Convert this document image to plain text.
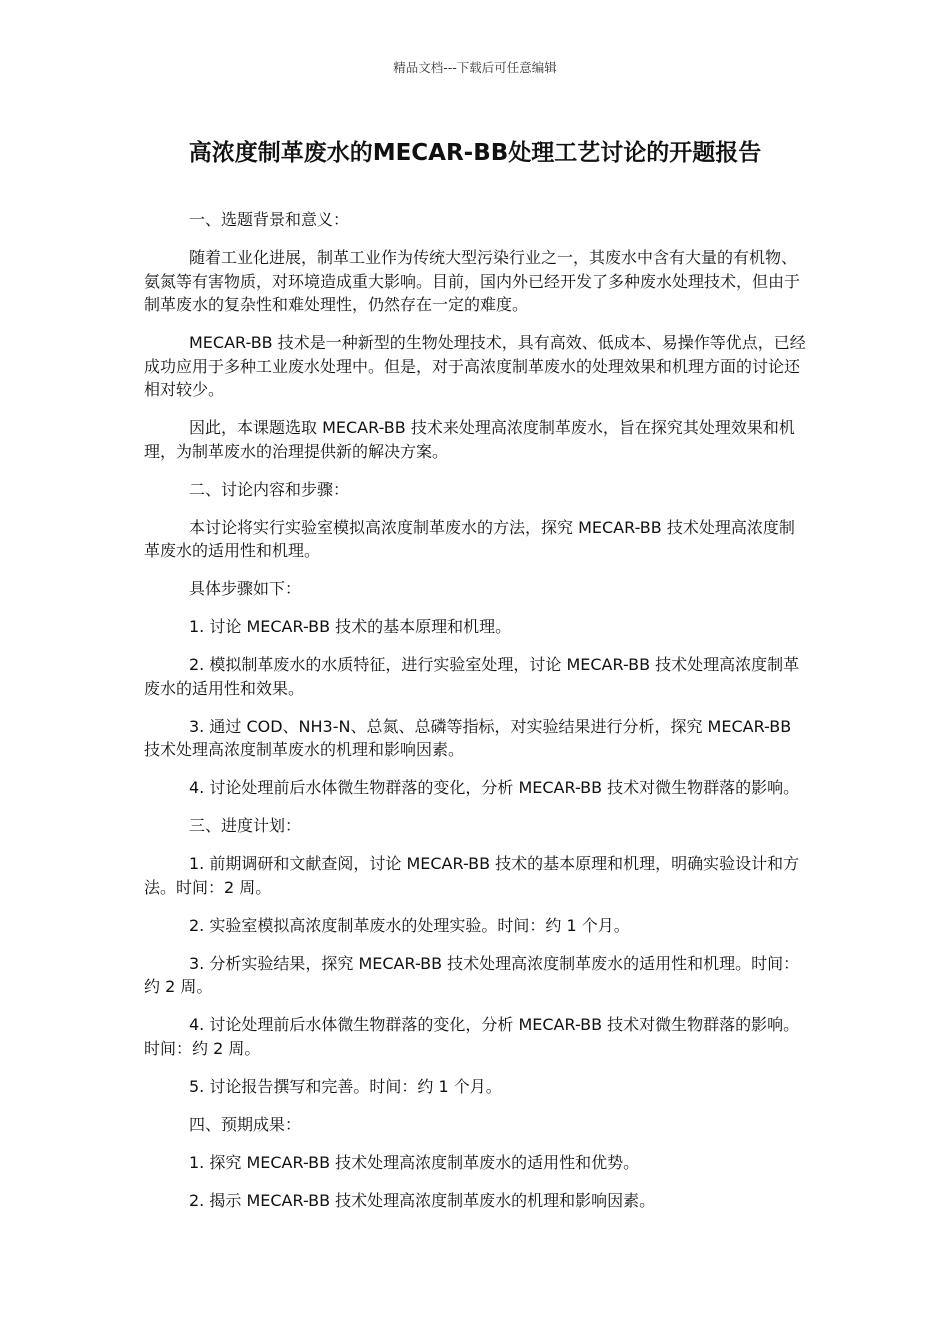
精品文档---下载后可任意编辑
高浓度制革废水的MECAR-BB处理工艺讨论的开题报告

一、选题背景和意义：

随着工业化进展，制革工业作为传统大型污染行业之一，其废水中含有大量的有机物、氨氮等有害物质，对环境造成重大影响。目前，国内外已经开发了多种废水处理技术，但由于制革废水的复杂性和难处理性，仍然存在一定的难度。

MECAR-BB 技术是一种新型的生物处理技术，具有高效、低成本、易操作等优点，已经成功应用于多种工业废水处理中。但是，对于高浓度制革废水的处理效果和机理方面的讨论还相对较少。

因此，本课题选取 MECAR-BB 技术来处理高浓度制革废水，旨在探究其处理效果和机理，为制革废水的治理提供新的解决方案。

二、讨论内容和步骤：

本讨论将实行实验室模拟高浓度制革废水的方法，探究 MECAR-BB 技术处理高浓度制革废水的适用性和机理。

具体步骤如下：

1. 讨论 MECAR-BB 技术的基本原理和机理。

2. 模拟制革废水的水质特征，进行实验室处理，讨论 MECAR-BB 技术处理高浓度制革废水的适用性和效果。

3. 通过 COD、NH3-N、总氮、总磷等指标，对实验结果进行分析，探究 MECAR-BB 技术处理高浓度制革废水的机理和影响因素。

4. 讨论处理前后水体微生物群落的变化，分析 MECAR-BB 技术对微生物群落的影响。

三、进度计划：

1. 前期调研和文献查阅，讨论 MECAR-BB 技术的基本原理和机理，明确实验设计和方法。时间：2 周。

2. 实验室模拟高浓度制革废水的处理实验。时间：约 1 个月。

3. 分析实验结果，探究 MECAR-BB 技术处理高浓度制革废水的适用性和机理。时间：约 2 周。

4. 讨论处理前后水体微生物群落的变化，分析 MECAR-BB 技术对微生物群落的影响。时间：约 2 周。

5. 讨论报告撰写和完善。时间：约 1 个月。

四、预期成果：

1. 探究 MECAR-BB 技术处理高浓度制革废水的适用性和优势。

2. 揭示 MECAR-BB 技术处理高浓度制革废水的机理和影响因素。
